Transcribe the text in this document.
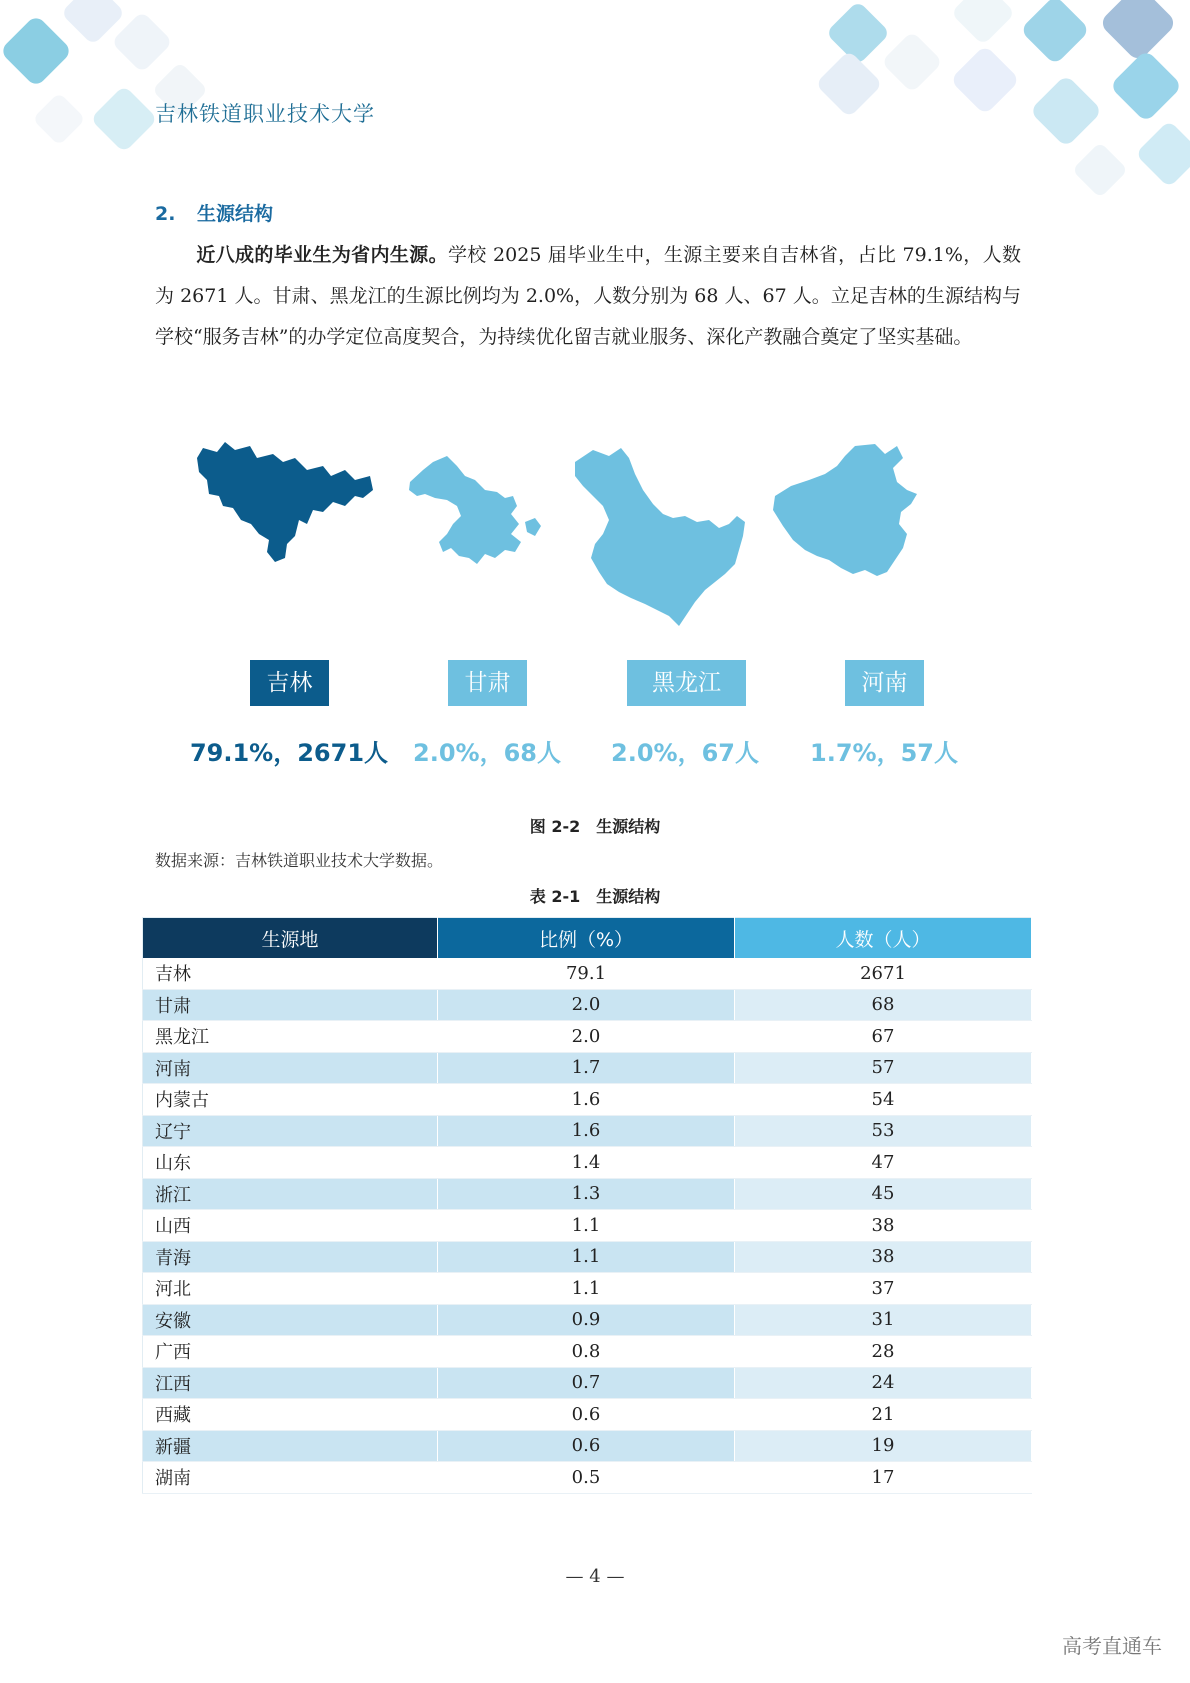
吉林铁道职业技术大学
2. 生源结构
近八成的毕业生为省内生源。学校 2025 届毕业生中，生源主要来自吉林省，占比 79.1%，人数为 2671 人。甘肃、黑龙江的生源比例均为 2.0%，人数分别为 68 人、67 人。立足吉林的生源结构与学校“服务吉林”的办学定位高度契合，为持续优化留吉就业服务、深化产教融合奠定了坚实基础。
吉林	甘肃	黑龙江	河南
79.1%，2671人	2.0%，68人	2.0%，67人	1.7%，57人
图 2-2　生源结构
数据来源：吉林铁道职业技术大学数据。
表 2-1　生源结构
生源地	比例（%）	人数（人）
吉林	79.1	2671
甘肃	2.0	68
黑龙江	2.0	67
河南	1.7	57
内蒙古	1.6	54
辽宁	1.6	53
山东	1.4	47
浙江	1.3	45
山西	1.1	38
青海	1.1	38
河北	1.1	37
安徽	0.9	31
广西	0.8	28
江西	0.7	24
西藏	0.6	21
新疆	0.6	19
湖南	0.5	17
— 4 —
高考直通车
